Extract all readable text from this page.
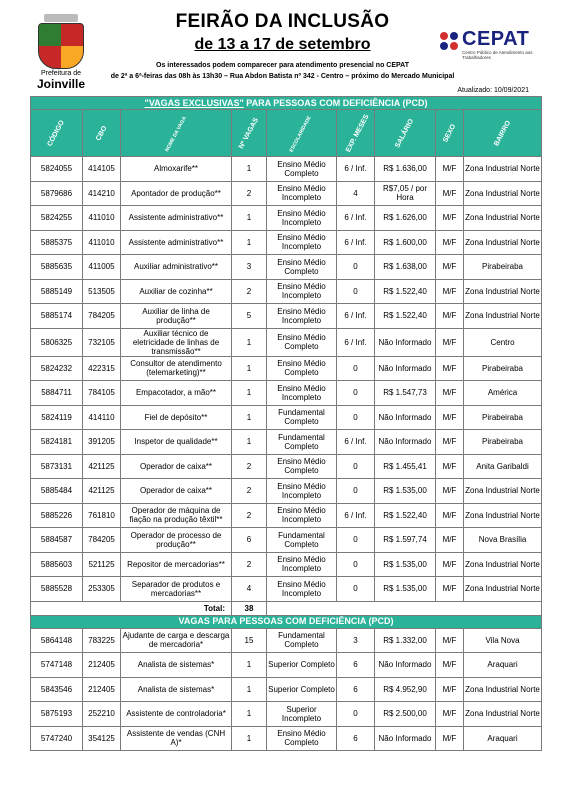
Prefeitura de
Joinville
FEIRÃO DA INCLUSÃO
de 13 a 17 de setembro
Os interessados podem comparecer para atendimento presencial no CEPAT
de 2ª a 6ª-feiras das 08h às 13h30 – Rua Abdon Batista nº 342 - Centro – próximo do Mercado Municipal
Atualizado: 10/09/2021
CEPAT
Centro Público de Atendimento aos Trabalhadores
"VAGAS EXCLUSIVAS" PARA PESSOAS COM DEFICIÊNCIA (PCD)								
CÓDIGO	CBO	NOME DA VAGA	Nº VAGAS	ESCOLARIDADE	EXP. MESES	SALÁRIO	SEXO	BAIRRO
5824055	414105	Almoxarife**	1	Ensino Médio Completo	6 / Inf.	R$ 1.636,00	M/F	Zona Industrial Norte
5879686	414210	Apontador de produção**	2	Ensino Médio Incompleto	4	R$7,05 / por Hora	M/F	Zona Industrial Norte
5824255	411010	Assistente administrativo**	1	Ensino Médio Incompleto	6 / Inf.	R$ 1.626,00	M/F	Zona Industrial Norte
5885375	411010	Assistente administrativo**	1	Ensino Médio Incompleto	6 / Inf.	R$ 1.600,00	M/F	Zona Industrial Norte
5885635	411005	Auxiliar administrativo**	3	Ensino Médio Completo	0	R$ 1.638,00	M/F	Pirabeiraba
5885149	513505	Auxiliar de cozinha**	2	Ensino Médio Incompleto	0	R$ 1.522,40	M/F	Zona Industrial Norte
5885174	784205	Auxiliar de linha de produção**	5	Ensino Médio Incompleto	6 / Inf.	R$ 1.522,40	M/F	Zona Industrial Norte
5806325	732105	Auxiliar técnico de eletricidade de linhas de transmissão**	1	Ensino Médio Completo	6 / Inf.	Não Informado	M/F	Centro
5824232	422315	Consultor de atendimento (telemarketing)**	1	Ensino Médio Completo	0	Não Informado	M/F	Pirabeiraba
5884711	784105	Empacotador, a mão**	1	Ensino Médio Incompleto	0	R$ 1.547,73	M/F	América
5824119	414110	Fiel de depósito**	1	Fundamental Completo	0	Não Informado	M/F	Pirabeiraba
5824181	391205	Inspetor de qualidade**	1	Fundamental Completo	6 / Inf.	Não Informado	M/F	Pirabeiraba
5873131	421125	Operador de caixa**	2	Ensino Médio Completo	0	R$ 1.455,41	M/F	Anita Garibaldi
5885484	421125	Operador de caixa**	2	Ensino Médio Incompleto	0	R$ 1.535,00	M/F	Zona Industrial Norte
5885226	761810	Operador de máquina de fiação na produção têxtil**	2	Ensino Médio Incompleto	6 / Inf.	R$ 1.522,40	M/F	Zona Industrial Norte
5884587	784205	Operador de processo de produção**	6	Fundamental Completo	0	R$ 1.597,74	M/F	Nova Brasília
5885603	521125	Repositor de mercadorias**	2	Ensino Médio Incompleto	0	R$ 1.535,00	M/F	Zona Industrial Norte
5885528	253305	Separador de produtos e mercadorias**	4	Ensino Médio Incompleto	0	R$ 1.535,00	M/F	Zona Industrial Norte
Total:			38					
VAGAS PARA PESSOAS COM DEFICIÊNCIA (PCD)								
5864148	783225	Ajudante de carga e descarga de mercadoria*	15	Fundamental Completo	3	R$ 1.332,00	M/F	Vila Nova
5747148	212405	Analista de sistemas*	1	Superior Completo	6	Não Informado	M/F	Araquari
5843546	212405	Analista de sistemas*	1	Superior Completo	6	R$ 4.952,90	M/F	Zona Industrial Norte
5875193	252210	Assistente de controladoria*	1	Superior Incompleto	0	R$ 2.500,00	M/F	Zona Industrial Norte
5747240	354125	Assistente de vendas (CNH A)*	1	Ensino Médio Completo	6	Não Informado	M/F	Araquari
